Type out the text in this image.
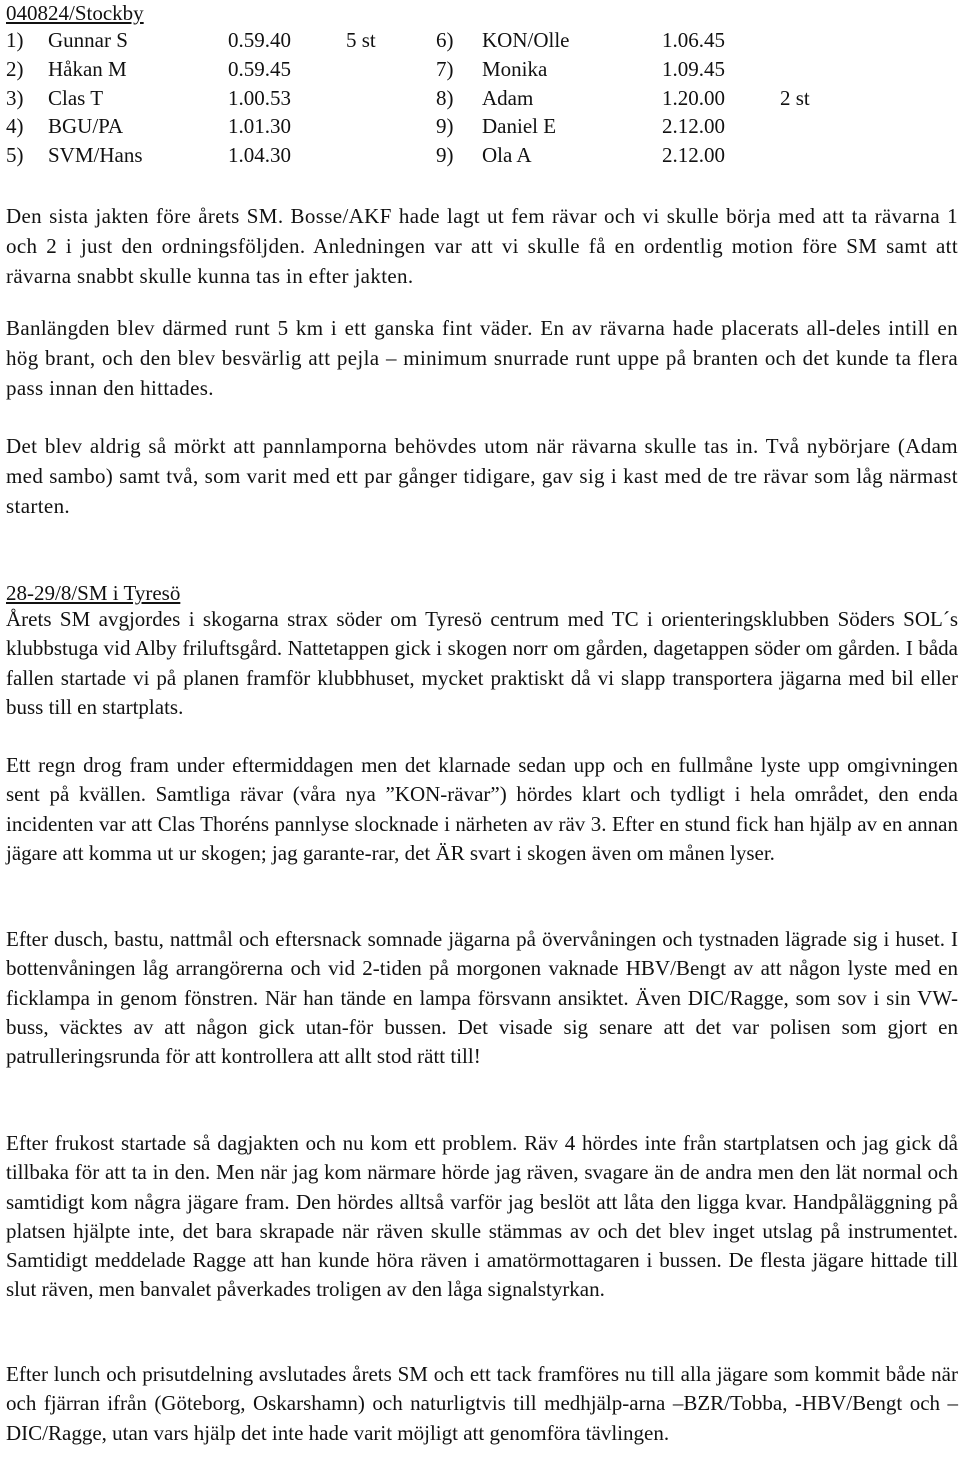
040824/Stockby
1) Gunnar S	0.59.40	5 st
2) Håkan M	0.59.45
3) Clas T	1.00.53
4) BGU/PA	1.01.30
5) SVM/Hans	1.04.30
6) KON/Olle	1.06.45
7) Monika	1.09.45
8) Adam	1.20.00	2 st
9) Daniel E	2.12.00
9) Ola A	2.12.00

Den sista jakten före årets SM. Bosse/AKF hade lagt ut fem rävar och vi skulle börja med att ta rävarna 1 och 2 i just den ordningsföljden. Anledningen var att vi skulle få en ordentlig motion före SM samt att rävarna snabbt skulle kunna tas in efter jakten.

Banlängden blev därmed runt 5 km i ett ganska fint väder. En av rävarna hade placerats all-deles intill en hög brant, och den blev besvärlig att pejla – minimum snurrade runt uppe på branten och det kunde ta flera pass innan den hittades.

Det blev aldrig så mörkt att pannlamporna behövdes utom när rävarna skulle tas in. Två nybörjare (Adam med sambo) samt två, som varit med ett par gånger tidigare, gav sig i kast med de tre rävar som låg närmast starten.

28-29/8/SM i Tyresö

Årets SM avgjordes i skogarna strax söder om Tyresö centrum med TC i orienteringsklubben Söders SOL´s klubbstuga vid Alby friluftsgård. Nattetappen gick i skogen norr om gården, dagetappen söder om gården. I båda fallen startade vi på planen framför klubbhuset, mycket praktiskt då vi slapp transportera jägarna med bil eller buss till en startplats.

Ett regn drog fram under eftermiddagen men det klarnade sedan upp och en fullmåne lyste upp omgivningen sent på kvällen. Samtliga rävar (våra nya ”KON-rävar”) hördes klart och tydligt i hela området, den enda incidenten var att Clas Thoréns pannlyse slocknade i närheten av räv 3. Efter en stund fick han hjälp av en annan jägare att komma ut ur skogen; jag garante-rar, det ÄR svart i skogen även om månen lyser.

Efter dusch, bastu, nattmål och eftersnack somnade jägarna på övervåningen och tystnaden lägrade sig i huset. I bottenvåningen låg arrangörerna och vid 2-tiden på morgonen vaknade HBV/Bengt av att någon lyste med en ficklampa in genom fönstren. När han tände en lampa försvann ansiktet. Även DIC/Ragge, som sov i sin VW-buss, väcktes av att någon gick utan-för bussen. Det visade sig senare att det var polisen som gjort en patrulleringsrunda för att kontrollera att allt stod rätt till!

Efter frukost startade så dagjakten och nu kom ett problem. Räv 4 hördes inte från startplatsen och jag gick då tillbaka för att ta in den. Men när jag kom närmare hörde jag räven, svagare än de andra men den lät normal och samtidigt kom några jägare fram. Den hördes alltså varför jag beslöt att låta den ligga kvar. Handpåläggning på platsen hjälpte inte, det bara skrapade när räven skulle stämmas av och det blev inget utslag på instrumentet. Samtidigt meddelade Ragge att han kunde höra räven i amatörmottagaren i bussen. De flesta jägare hittade till slut räven, men banvalet påverkades troligen av den låga signalstyrkan.

Efter lunch och prisutdelning avslutades årets SM och ett tack framföres nu till alla jägare som kommit både när och fjärran ifrån (Göteborg, Oskarshamn) och naturligtvis till medhjälp-arna –BZR/Tobba, -HBV/Bengt och –DIC/Ragge, utan vars hjälp det inte hade varit möjligt att genomföra tävlingen.
